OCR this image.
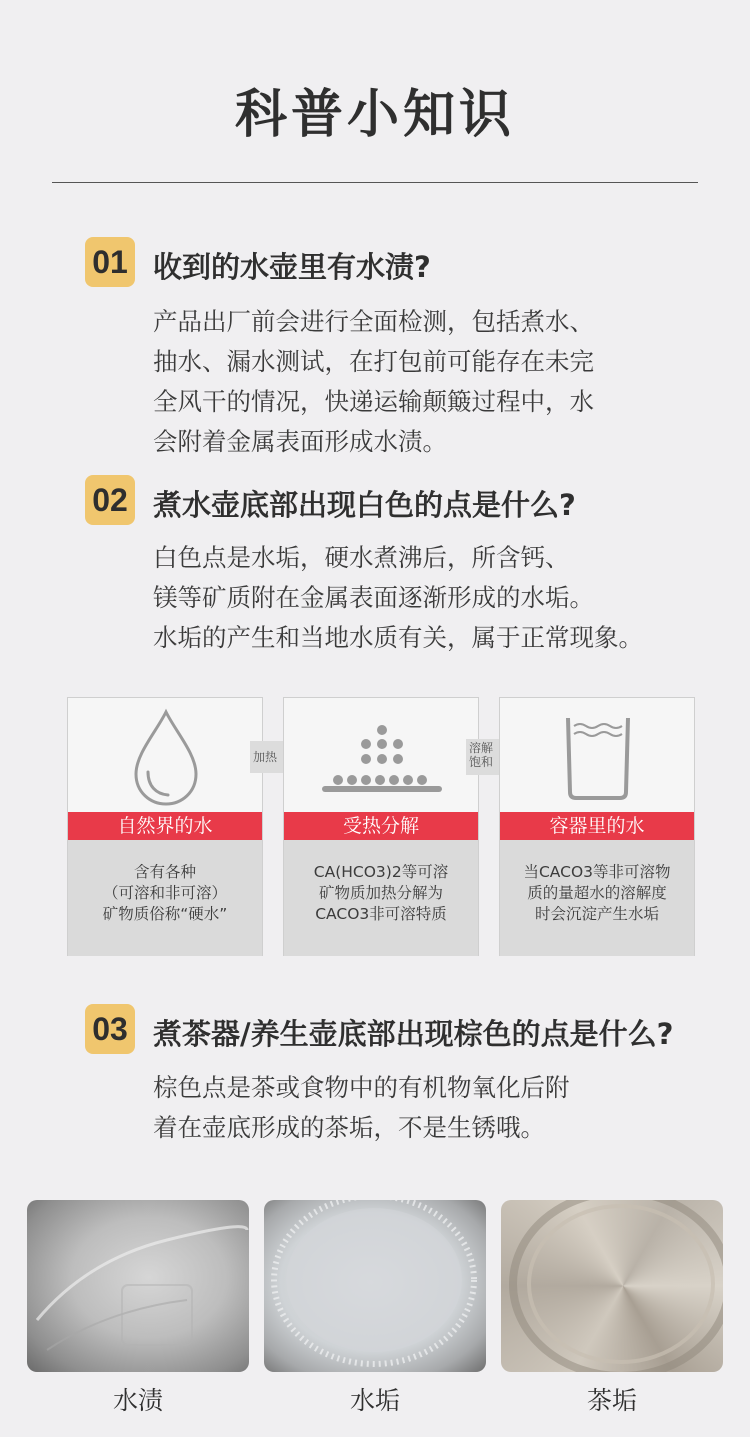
科普小知识
01 收到的水壶里有水渍?
产品出厂前会进行全面检测，包括煮水、
抽水、漏水测试，在打包前可能存在未完
全风干的情况，快递运输颠簸过程中，水
会附着金属表面形成水渍。
02 煮水壶底部出现白色的点是什么?
白色点是水垢，硬水煮沸后，所含钙、
镁等矿质附在金属表面逐渐形成的水垢。
水垢的产生和当地水质有关，属于正常现象。
自然界的水
含有各种
（可溶和非可溶）
矿物质俗称“硬水”
加热
受热分解
CA(HCO3)2等可溶
矿物质加热分解为
CACO3非可溶特质
溶解
饱和
容器里的水
当CACO3等非可溶物
质的量超水的溶解度
时会沉淀产生水垢
03 煮茶器/养生壶底部出现棕色的点是什么?
棕色点是茶或食物中的有机物氧化后附
着在壶底形成的茶垢，不是生锈哦。
水渍	水垢	茶垢
